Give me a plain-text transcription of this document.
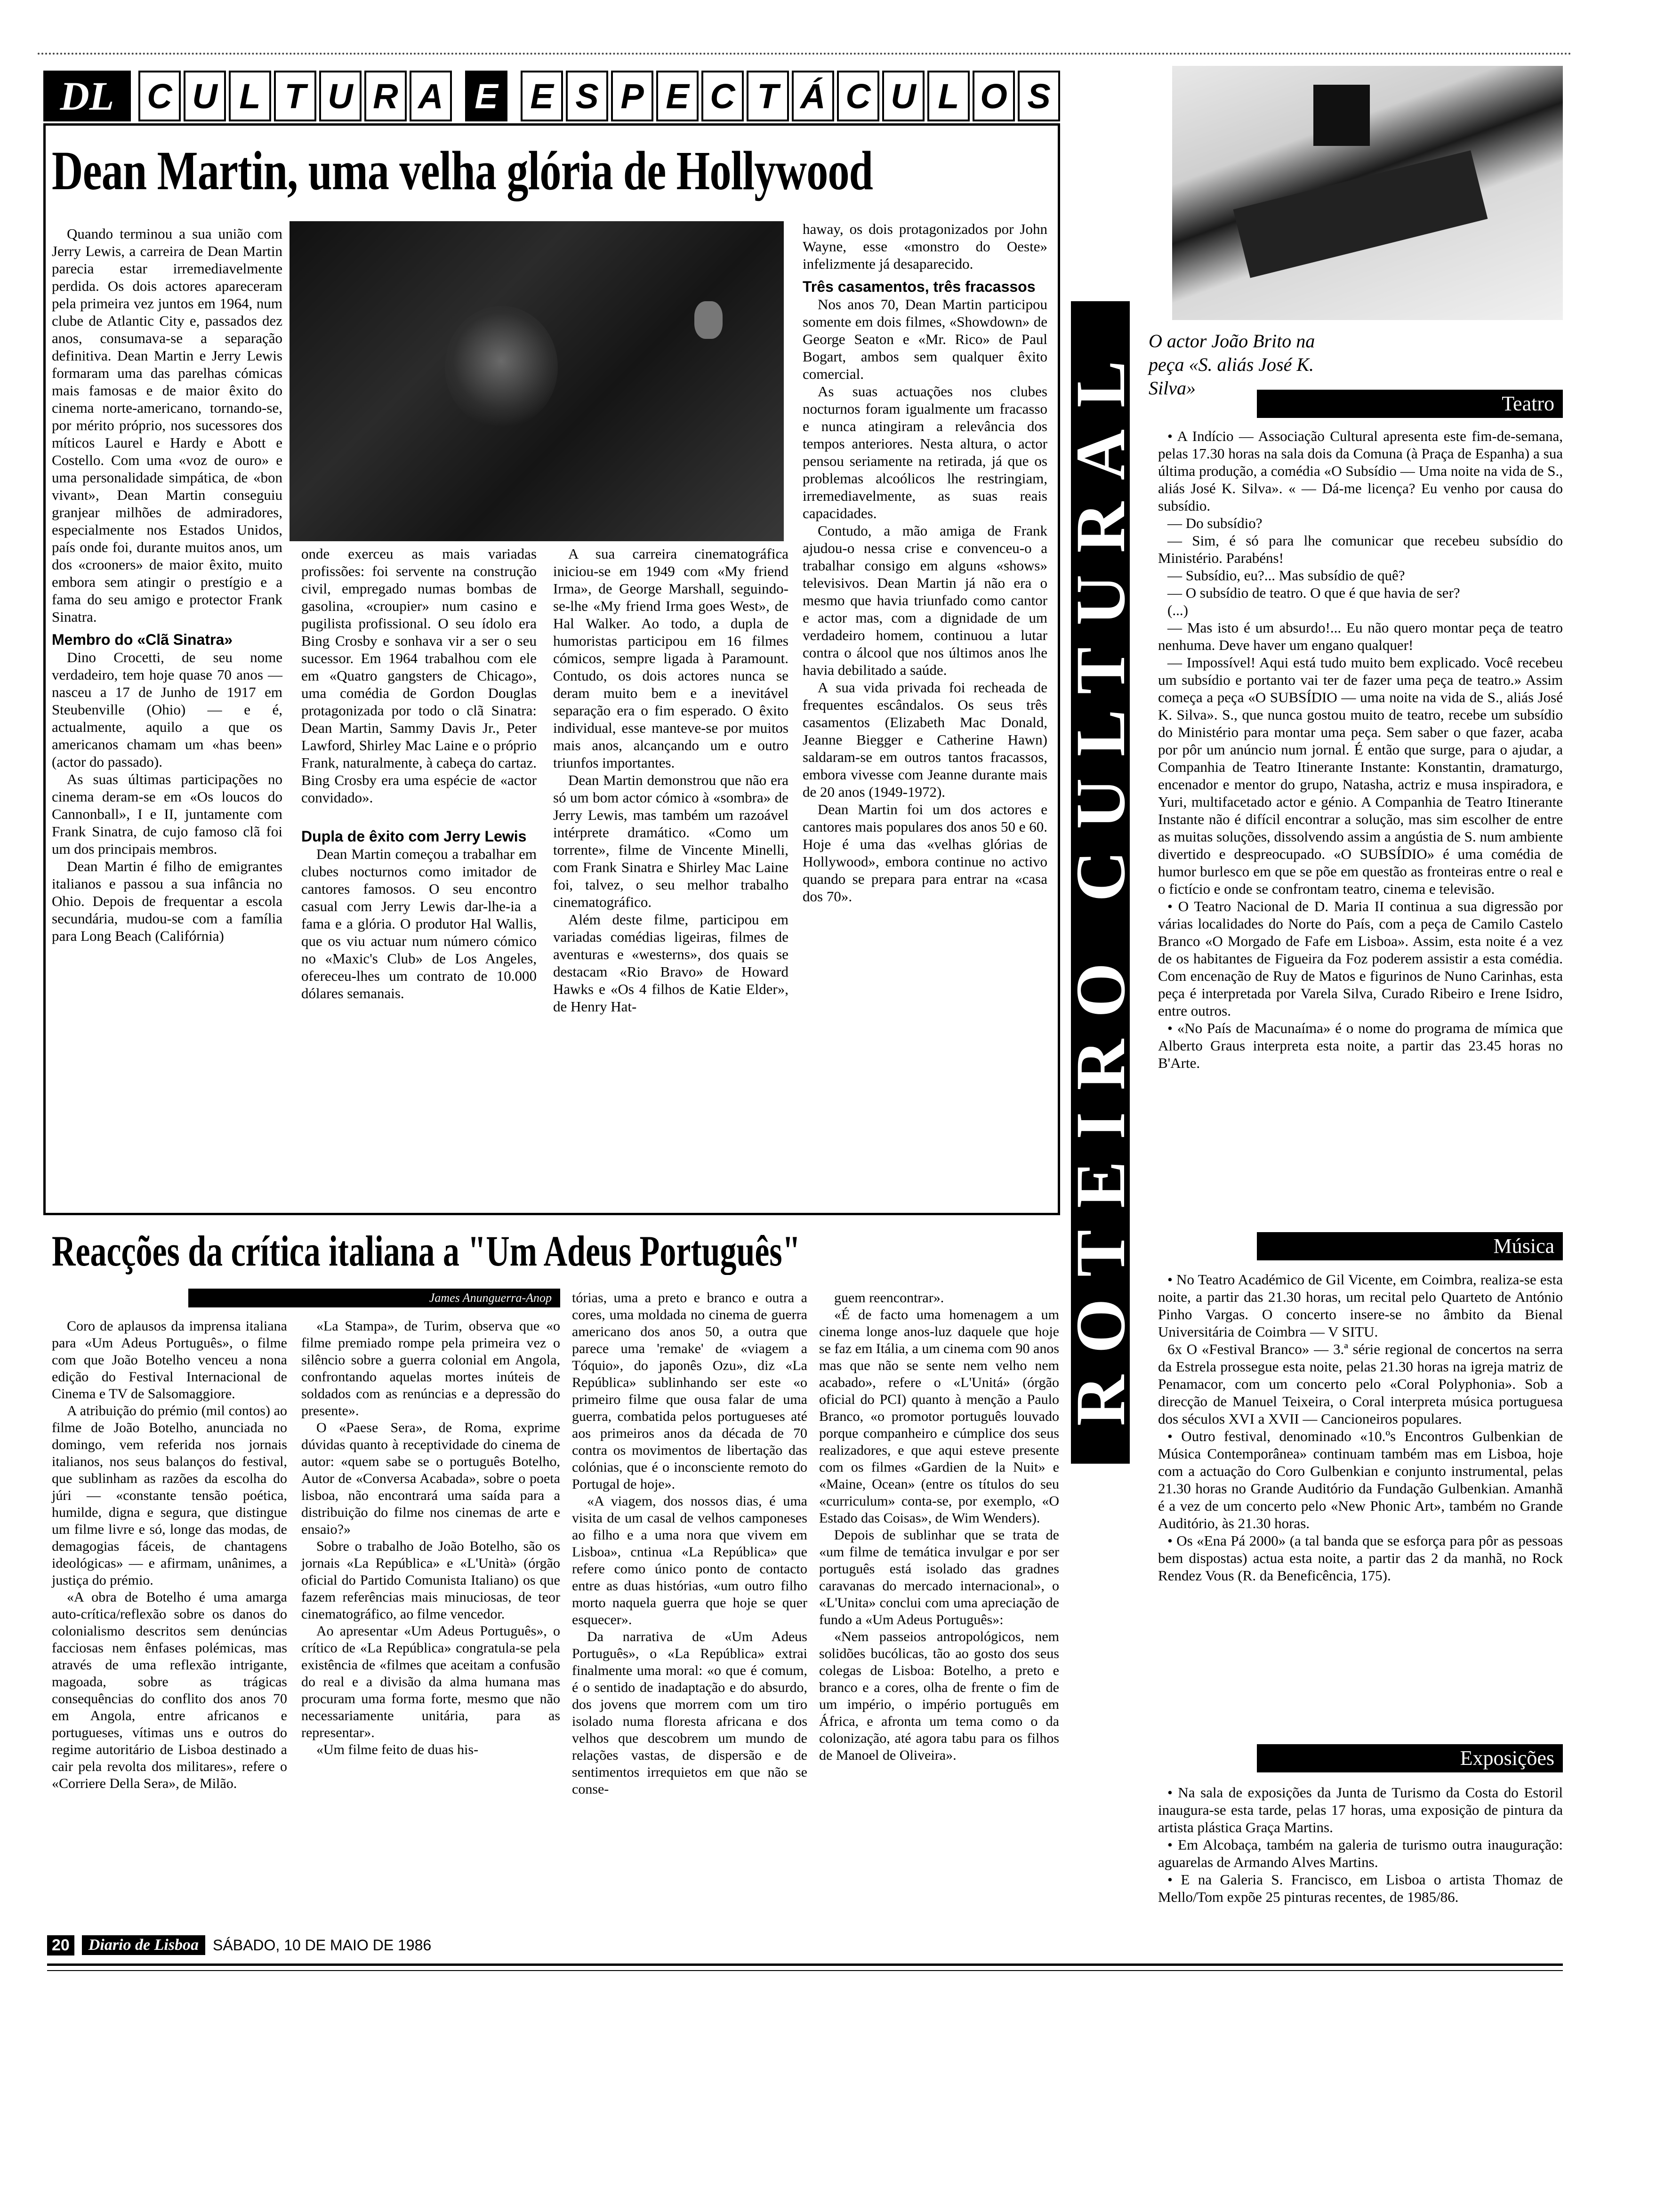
DL C U L T U R A E E S P E C T Á C U L O S
Dean Martin, uma velha glória de Hollywood

Quando terminou a sua união com Jerry Lewis, a carreira de Dean Martin parecia estar irremediavelmente perdida. Os dois actores apareceram pela primeira vez juntos em 1964, num clube de Atlantic City e, passados dez anos, consumava-se a separação definitiva. Dean Martin e Jerry Lewis formaram uma das parelhas cómicas mais famosas e de maior êxito do cinema norte-americano, tornando-se, por mérito próprio, nos sucessores dos míticos Laurel e Hardy e Abott e Costello. Com uma «voz de ouro» e uma personalidade simpática, de «bon vivant», Dean Martin conseguiu granjear milhões de admiradores, especialmente nos Estados Unidos, país onde foi, durante muitos anos, um dos «crooners» de maior êxito, muito embora sem atingir o prestígio e a fama do seu amigo e protector Frank Sinatra.

Membro do «Clã Sinatra»

Dino Crocetti, de seu nome verdadeiro, tem hoje quase 70 anos — nasceu a 17 de Junho de 1917 em Steubenville (Ohio) — e é, actualmente, aquilo a que os americanos chamam um «has been» (actor do passado).

As suas últimas participações no cinema deram-se em «Os loucos do Cannonball», I e II, juntamente com Frank Sinatra, de cujo famoso clã foi um dos principais membros.

Dean Martin é filho de emigrantes italianos e passou a sua infância no Ohio. Depois de frequentar a escola secundária, mudou-se com a família para Long Beach (Califórnia)

onde exerceu as mais variadas profissões: foi servente na construção civil, empregado numas bombas de gasolina, «croupier» num casino e pugilista profissional. O seu ídolo era Bing Crosby e sonhava vir a ser o seu sucessor. Em 1964 trabalhou com ele em «Quatro gangsters de Chicago», uma comédia de Gordon Douglas protagonizada por todo o clã Sinatra: Dean Martin, Sammy Davis Jr., Peter Lawford, Shirley Mac Laine e o próprio Frank, naturalmente, à cabeça do cartaz. Bing Crosby era uma espécie de «actor convidado».

Dupla de êxito com Jerry Lewis

Dean Martin começou a trabalhar em clubes nocturnos como imitador de cantores famosos. O seu encontro casual com Jerry Lewis dar-lhe-ia a fama e a glória. O produtor Hal Wallis, que os viu actuar num número cómico no «Maxic's Club» de Los Angeles, ofereceu-lhes um contrato de 10.000 dólares semanais.

A sua carreira cinematográfica iniciou-se em 1949 com «My friend Irma», de George Marshall, seguindo-se-lhe «My friend Irma goes West», de Hal Walker. Ao todo, a dupla de humoristas participou em 16 filmes cómicos, sempre ligada à Paramount. Contudo, os dois actores nunca se deram muito bem e a inevitável separação era o fim esperado. O êxito individual, esse manteve-se por muitos mais anos, alcançando um e outro triunfos importantes.

Dean Martin demonstrou que não era só um bom actor cómico à «sombra» de Jerry Lewis, mas também um razoável intérprete dramático. «Como um torrente», filme de Vincente Minelli, com Frank Sinatra e Shirley Mac Laine foi, talvez, o seu melhor trabalho cinematográfico.

Além deste filme, participou em variadas comédias ligeiras, filmes de aventuras e «westerns», dos quais se destacam «Rio Bravo» de Howard Hawks e «Os 4 filhos de Katie Elder», de Henry Hat-

haway, os dois protagonizados por John Wayne, esse «monstro do Oeste» infelizmente já desaparecido.

Três casamentos, três fracassos

Nos anos 70, Dean Martin participou somente em dois filmes, «Showdown» de George Seaton e «Mr. Rico» de Paul Bogart, ambos sem qualquer êxito comercial.

As suas actuações nos clubes nocturnos foram igualmente um fracasso e nunca atingiram a relevância dos tempos anteriores. Nesta altura, o actor pensou seriamente na retirada, já que os problemas alcoólicos lhe restringiam, irremediavelmente, as suas reais capacidades.

Contudo, a mão amiga de Frank ajudou-o nessa crise e convenceu-o a trabalhar consigo em alguns «shows» televisivos. Dean Martin já não era o mesmo que havia triunfado como cantor e actor mas, com a dignidade de um verdadeiro homem, continuou a lutar contra o álcool que nos últimos anos lhe havia debilitado a saúde.

A sua vida privada foi recheada de frequentes escândalos. Os seus três casamentos (Elizabeth Mac Donald, Jeanne Biegger e Catherine Hawn) saldaram-se em outros tantos fracassos, embora vivesse com Jeanne durante mais de 20 anos (1949-1972).

Dean Martin foi um dos actores e cantores mais populares dos anos 50 e 60. Hoje é uma das «velhas glórias de Hollywood», embora continue no activo quando se prepara para entrar na «casa dos 70».

Reacções da crítica italiana a "Um Adeus Português"
James Anunguerra-Anop

Coro de aplausos da imprensa italiana para «Um Adeus Português», o filme com que João Botelho venceu a nona edição do Festival Internacional de Cinema e TV de Salsomaggiore.

A atribuição do prémio (mil contos) ao filme de João Botelho, anunciada no domingo, vem referida nos jornais italianos, nos seus balanços do festival, que sublinham as razões da escolha do júri — «constante tensão poética, humilde, digna e segura, que distingue um filme livre e só, longe das modas, de demagogias fáceis, de chantagens ideológicas» — e afirmam, unânimes, a justiça do prémio.

«A obra de Botelho é uma amarga auto-crítica/reflexão sobre os danos do colonialismo descritos sem denúncias facciosas nem ênfases polémicas, mas através de uma reflexão intrigante, magoada, sobre as trágicas consequências do conflito dos anos 70 em Angola, entre africanos e portugueses, vítimas uns e outros do regime autoritário de Lisboa destinado a cair pela revolta dos militares», refere o «Corriere Della Sera», de Milão.

«La Stampa», de Turim, observa que «o filme premiado rompe pela primeira vez o silêncio sobre a guerra colonial em Angola, confrontando aquelas mortes inúteis de soldados com as renúncias e a depressão do presente».

O «Paese Sera», de Roma, exprime dúvidas quanto à receptividade do cinema de autor: «quem sabe se o português Botelho, Autor de «Conversa Acabada», sobre o poeta lisboa, não encontrará uma saída para a distribuição do filme nos cinemas de arte e ensaio?»

Sobre o trabalho de João Botelho, são os jornais «La República» e «L'Unità» (órgão oficial do Partido Comunista Italiano) os que fazem referências mais minuciosas, de teor cinematográfico, ao filme vencedor.

Ao apresentar «Um Adeus Português», o crítico de «La República» congratula-se pela existência de «filmes que aceitam a confusão do real e a divisão da alma humana mas procuram uma forma forte, mesmo que não necessariamente unitária, para as representar».

«Um filme feito de duas his-

tórias, uma a preto e branco e outra a cores, uma moldada no cinema de guerra americano dos anos 50, a outra que parece uma 'remake' de «viagem a Tóquio», do japonês Ozu», diz «La República» sublinhando ser este «o primeiro filme que ousa falar de uma guerra, combatida pelos portugueses até aos primeiros anos da década de 70 contra os movimentos de libertação das colónias, que é o inconsciente remoto do Portugal de hoje».

«A viagem, dos nossos dias, é uma visita de um casal de velhos camponeses ao filho e a uma nora que vivem em Lisboa», cntinua «La República» que refere como único ponto de contacto entre as duas histórias, «um outro filho morto naquela guerra que hoje se quer esquecer».

Da narrativa de «Um Adeus Português», o «La República» extrai finalmente uma moral: «o que é comum, é o sentido de inadaptação e do absurdo, dos jovens que morrem com um tiro isolado numa floresta africana e dos velhos que descobrem um mundo de relações vastas, de dispersão e de sentimentos irrequietos em que não se conse-

guem reencontrar».

«É de facto uma homenagem a um cinema longe anos-luz daquele que hoje se faz em Itália, a um cinema com 90 anos mas que não se sente nem velho nem acabado», refere o «L'Unitá» (órgão oficial do PCI) quanto à menção a Paulo Branco, «o promotor português louvado porque companheiro e cúmplice dos seus realizadores, e que aqui esteve presente com os filmes «Gardien de la Nuit» e «Maine, Ocean» (entre os títulos do seu «curriculum» conta-se, por exemplo, «O Estado das Coisas», de Wim Wenders).

Depois de sublinhar que se trata de «um filme de temática invulgar e por ser português está isolado das gradnes caravanas do mercado internacional», o «L'Unita» conclui com uma apreciação de fundo a «Um Adeus Português»:

«Nem passeios antropológicos, nem solidões bucólicas, tão ao gosto dos seus colegas de Lisboa: Botelho, a preto e branco e a cores, olha de frente o fim de um império, o império português em África, e afronta um tema como o da colonização, até agora tabu para os filhos de Manoel de Oliveira».

ROTEIRO CULTURAL O actor João Brito na peça «S. aliás José K. Silva»
Teatro

• A Indício — Associação Cultural apresenta este fim-de-semana, pelas 17.30 horas na sala dois da Comuna (à Praça de Espanha) a sua última produção, a comédia «O Subsídio — Uma noite na vida de S., aliás José K. Silva». « — Dá-me licença? Eu venho por causa do subsídio.

— Do subsídio?

— Sim, é só para lhe comunicar que recebeu subsídio do Ministério. Parabéns!

— Subsídio, eu?... Mas subsídio de quê?

— O subsídio de teatro. O que é que havia de ser?

(...)

— Mas isto é um absurdo!... Eu não quero montar peça de teatro nenhuma. Deve haver um engano qualquer!

— Impossível! Aqui está tudo muito bem explicado. Você recebeu um subsídio e portanto vai ter de fazer uma peça de teatro.» Assim começa a peça «O SUBSÍDIO — uma noite na vida de S., aliás José K. Silva». S., que nunca gostou muito de teatro, recebe um subsídio do Ministério para montar uma peça. Sem saber o que fazer, acaba por pôr um anúncio num jornal. É então que surge, para o ajudar, a Companhia de Teatro Itinerante Instante: Konstantin, dramaturgo, encenador e mentor do grupo, Natasha, actriz e musa inspiradora, e Yuri, multifacetado actor e génio. A Companhia de Teatro Itinerante Instante não é difícil encontrar a solução, mas sim escolher de entre as muitas soluções, dissolvendo assim a angústia de S. num ambiente divertido e despreocupado. «O SUBSÍDIO» é uma comédia de humor burlesco em que se põe em questão as fronteiras entre o real e o fictício e onde se confrontam teatro, cinema e televisão.

• O Teatro Nacional de D. Maria II continua a sua digressão por várias localidades do Norte do País, com a peça de Camilo Castelo Branco «O Morgado de Fafe em Lisboa». Assim, esta noite é a vez de os habitantes de Figueira da Foz poderem assistir a esta comédia. Com encenação de Ruy de Matos e figurinos de Nuno Carinhas, esta peça é interpretada por Varela Silva, Curado Ribeiro e Irene Isidro, entre outros.

• «No País de Macunaíma» é o nome do programa de mímica que Alberto Graus interpreta esta noite, a partir das 23.45 horas no B'Arte.

Música

• No Teatro Académico de Gil Vicente, em Coimbra, realiza-se esta noite, a partir das 21.30 horas, um recital pelo Quarteto de António Pinho Vargas. O concerto insere-se no âmbito da Bienal Universitária de Coimbra — V SITU.

6x O «Festival Branco» — 3.ª série regional de concertos na serra da Estrela prossegue esta noite, pelas 21.30 horas na igreja matriz de Penamacor, com um concerto pelo «Coral Polyphonia». Sob a direcção de Manuel Teixeira, o Coral interpreta música portuguesa dos séculos XVI a XVII — Cancioneiros populares.

• Outro festival, denominado «10.ºs Encontros Gulbenkian de Música Contemporânea» continuam também mas em Lisboa, hoje com a actuação do Coro Gulbenkian e conjunto instrumental, pelas 21.30 horas no Grande Auditório da Fundação Gulbenkian. Amanhã é a vez de um concerto pelo «New Phonic Art», também no Grande Auditório, às 21.30 horas.

• Os «Ena Pá 2000» (a tal banda que se esforça para pôr as pessoas bem dispostas) actua esta noite, a partir das 2 da manhã, no Rock Rendez Vous (R. da Beneficência, 175).

Exposições

• Na sala de exposições da Junta de Turismo da Costa do Estoril inaugura-se esta tarde, pelas 17 horas, uma exposição de pintura da artista plástica Graça Martins.

• Em Alcobaça, também na galeria de turismo outra inauguração: aguarelas de Armando Alves Martins.

• E na Galeria S. Francisco, em Lisboa o artista Thomaz de Mello/Tom expõe 25 pinturas recentes, de 1985/86.

20	Diario de Lisboa SÁBADO, 10 DE MAIO DE 1986
